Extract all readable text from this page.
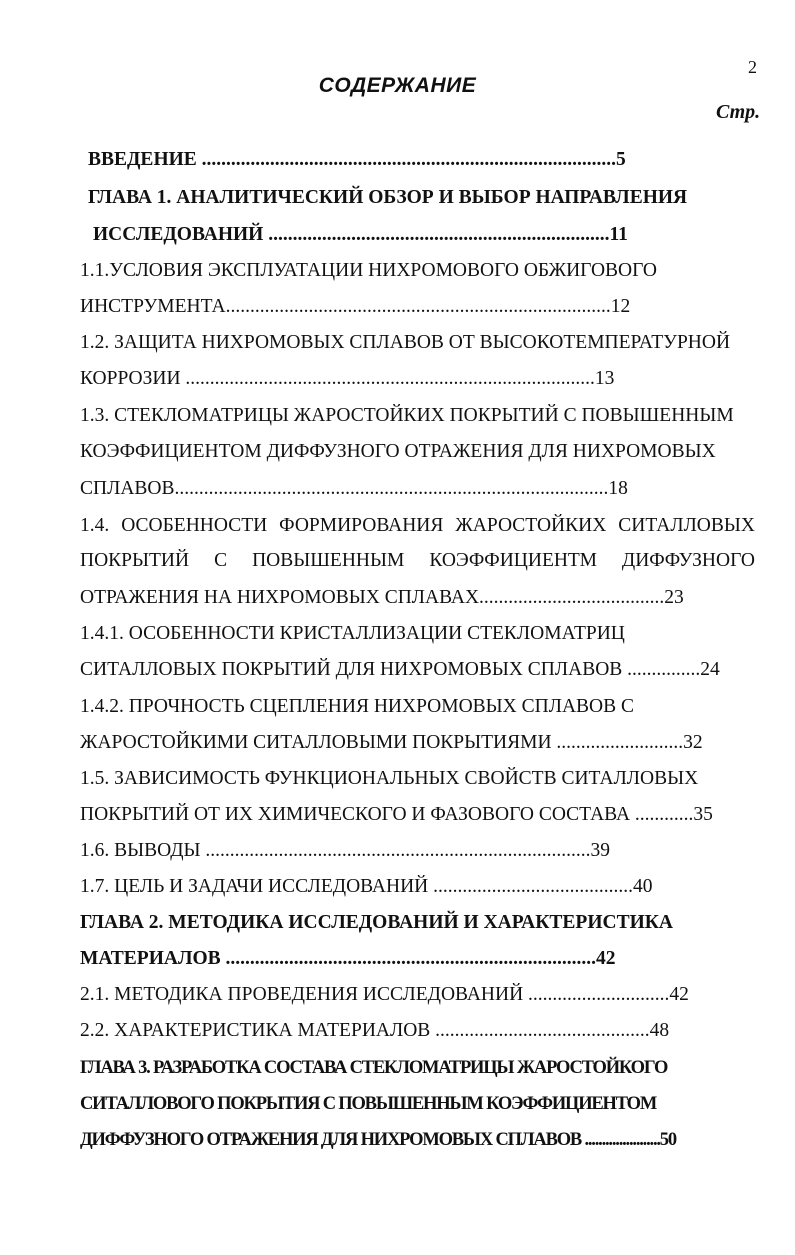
2
СОДЕРЖАНИЕ
Стр.
ВВЕДЕНИЕ .....................................................................................5
ГЛАВА 1. АНАЛИТИЧЕСКИЙ ОБЗОР И ВЫБОР НАПРАВЛЕНИЯ
ИССЛЕДОВАНИЙ ......................................................................11
1.1.УСЛОВИЯ ЭКСПЛУАТАЦИИ НИХРОМОВОГО ОБЖИГОВОГО
ИНСТРУМЕНТА...............................................................................12
1.2. ЗАЩИТА НИХРОМОВЫХ СПЛАВОВ ОТ ВЫСОКОТЕМПЕРАТУРНОЙ
КОРРОЗИИ ....................................................................................13
1.3. СТЕКЛОМАТРИЦЫ ЖАРОСТОЙКИХ ПОКРЫТИЙ С ПОВЫШЕННЫМ
КОЭФФИЦИЕНТОМ ДИФФУЗНОГО ОТРАЖЕНИЯ ДЛЯ НИХРОМОВЫХ
СПЛАВОВ.........................................................................................18
1.4. ОСОБЕННОСТИ ФОРМИРОВАНИЯ ЖАРОСТОЙКИХ СИТАЛЛОВЫХ
ПОКРЫТИЙ С ПОВЫШЕННЫМ КОЭФФИЦИЕНТМ ДИФФУЗНОГО
ОТРАЖЕНИЯ НА НИХРОМОВЫХ СПЛАВАХ......................................23
1.4.1. ОСОБЕННОСТИ КРИСТАЛЛИЗАЦИИ СТЕКЛОМАТРИЦ
СИТАЛЛОВЫХ ПОКРЫТИЙ ДЛЯ НИХРОМОВЫХ СПЛАВОВ ...............24
1.4.2. ПРОЧНОСТЬ СЦЕПЛЕНИЯ НИХРОМОВЫХ СПЛАВОВ С
ЖАРОСТОЙКИМИ СИТАЛЛОВЫМИ ПОКРЫТИЯМИ ..........................32
1.5. ЗАВИСИМОСТЬ ФУНКЦИОНАЛЬНЫХ СВОЙСТВ СИТАЛЛОВЫХ
ПОКРЫТИЙ ОТ ИХ ХИМИЧЕСКОГО И ФАЗОВОГО СОСТАВА ............35
1.6. ВЫВОДЫ ...............................................................................39
1.7. ЦЕЛЬ И ЗАДАЧИ ИССЛЕДОВАНИЙ .........................................40
ГЛАВА 2. МЕТОДИКА ИССЛЕДОВАНИЙ И ХАРАКТЕРИСТИКА
МАТЕРИАЛОВ ............................................................................42
2.1. МЕТОДИКА ПРОВЕДЕНИЯ ИССЛЕДОВАНИЙ .............................42
2.2. ХАРАКТЕРИСТИКА МАТЕРИАЛОВ ............................................48
ГЛАВА 3. РАЗРАБОТКА СОСТАВА СТЕКЛОМАТРИЦЫ ЖАРОСТОЙКОГО
СИТАЛЛОВОГО ПОКРЫТИЯ С ПОВЫШЕННЫМ КОЭФФИЦИЕНТОМ
ДИФФУЗНОГО ОТРАЖЕНИЯ ДЛЯ НИХРОМОВЫХ СПЛАВОВ ......................50
